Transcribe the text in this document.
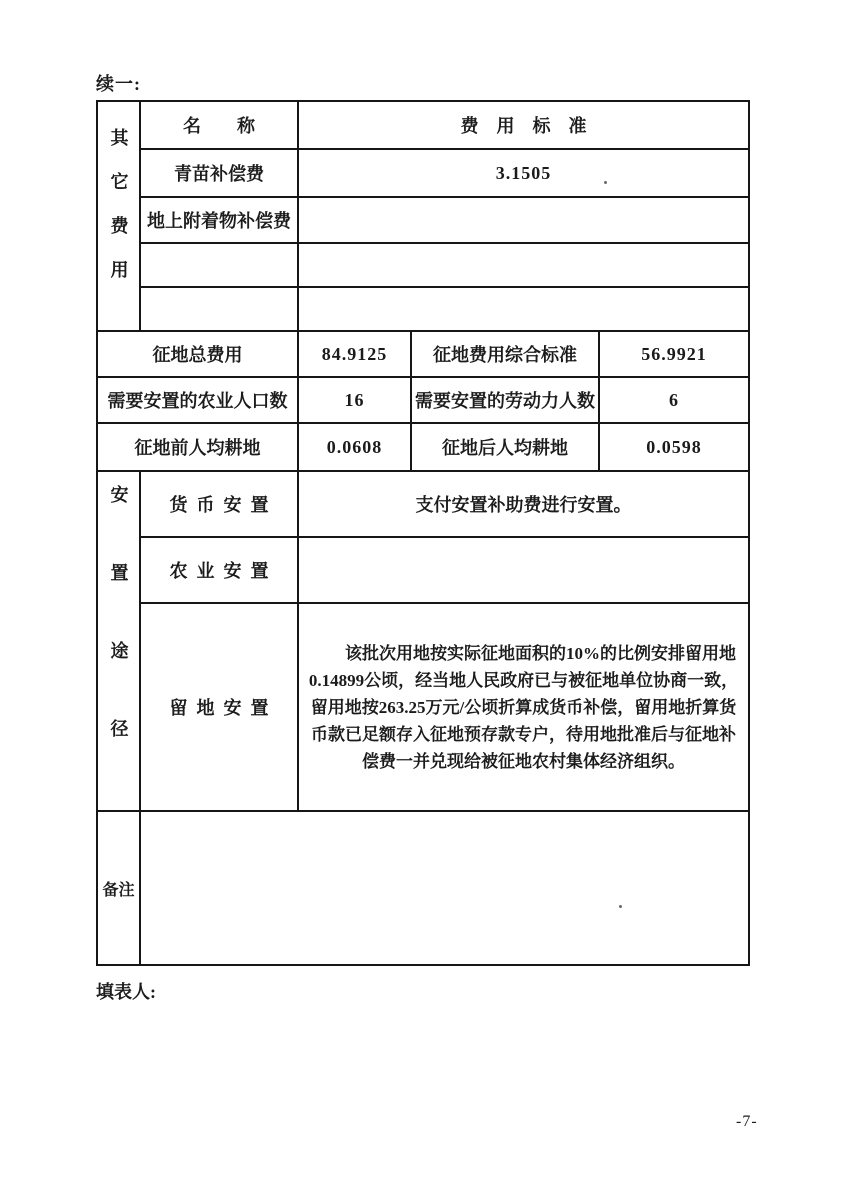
续一:
其它费用	名　　称	费　用　标　准		
	青苗补偿费	3.1505		
	地上附着物补偿费			

征地总费用		84.9125	征地费用综合标准	56.9921
需要安置的农业人口数		16	需要安置的劳动力人数	6
征地前人均耕地		0.0608	征地后人均耕地	0.0598
安置途径	货币安置	支付安置补助费进行安置。		
	农业安置			
	留地安置	　　该批次用地按实际征地面积的10%的比例安排留用地
0.14899公顷，经当地人民政府已与被征地单位协商一致，
留用地按263.25万元/公顷折算成货币补偿，留用地折算货
币款已足额存入征地预存款专户，待用地批准后与征地补
偿费一并兑现给被征地农村集体经济组织。		

备注				
填表人:
-7-
